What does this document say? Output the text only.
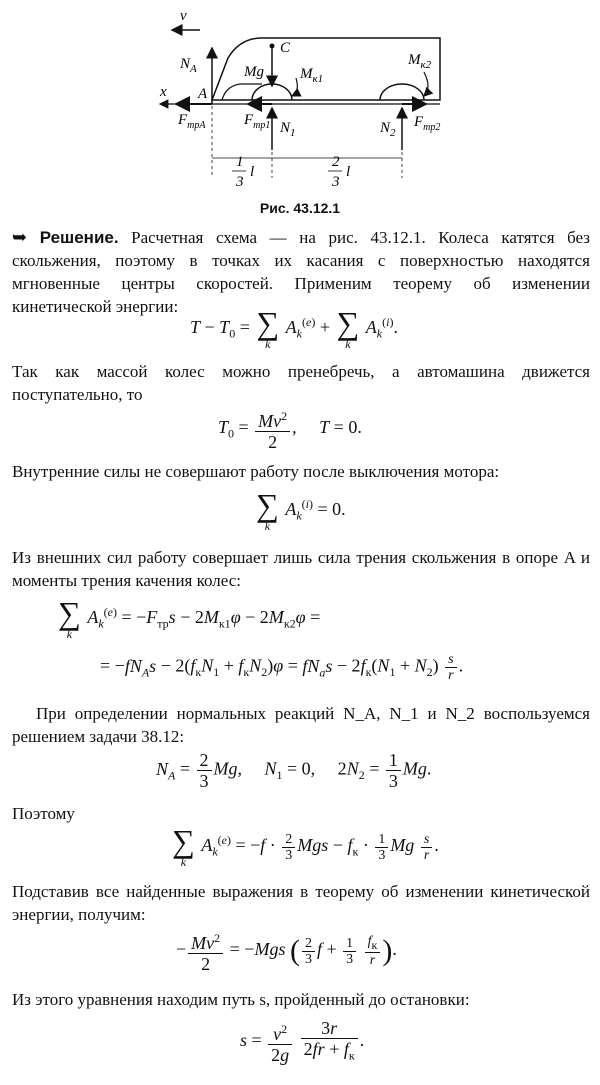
v
x A
$N_A$
$F_{трA}$
C
Mg $M_{к1}$
$M_{к2}$
$N_1$
$F_{тр1}$	$N_2$
$F_{тр2}$
1
3
l
2
3
l
Рис. 43.12.1
➥ Решение. Расчетная схема — на рис. 43.12.1. Колеса катятся без скольжения, поэтому в точках их касания с поверхностью находятся мгновенные центры скоростей. Применим теорему об изменении кинетической энергии:
$T - T_0$ = ∑
k
$A_k^{(e)}$ + ∑
k
$A_k^{(i)}$.
Так как массой колес можно пренебречь, а автомашина движется поступательно, то
$T_0 = \frac{Mv^2}{2}$ ,     T = 0.
Внутренние силы не совершают работу после выключения мотора:
∑
k
$A_k^{(i)} = 0$.
Из внешних сил работу совершает лишь сила трения скольжения в опоре A и моменты трения качения колес:
∑
k
$A_k^{(e)} = -F_{тр}s - 2M_{к1}\varphi - 2M_{к2}\varphi$ =
= $-fN_As - 2(f_кN_1 + f_кN_2)\varphi = fN_as - 2f_к(N_1 + N_2) \frac{s}{r}$ .
При определении нормальных реакций N_A, N_1 и N_2 воспользуемся решением задачи 38.12:
$N_A = \frac{2}{3} Mg$,     $N_1 = 0$,     $2N_2 = \frac{1}{3} Mg$.
Поэтому
∑
k
$A_k^{(e)} = -f \cdot \frac{2}{3}$ Mgs − $f_к \cdot \frac{1}{3}$ Mg $\frac{s}{r}$ .
Подставив все найденные выражения в теорему об изменении кинетической энергии, получим:
− $\frac{Mv^2}{2} = -Mgs$ ( $\frac{2}{3}$ $f + \frac{1}{3}$
$\frac{f_к}{r}$ ).
Из этого уравнения находим путь s, пройденный до остановки:
$s = \frac{v^2}{2g}$
$\frac{3r}{2fr + f_к}$ .
